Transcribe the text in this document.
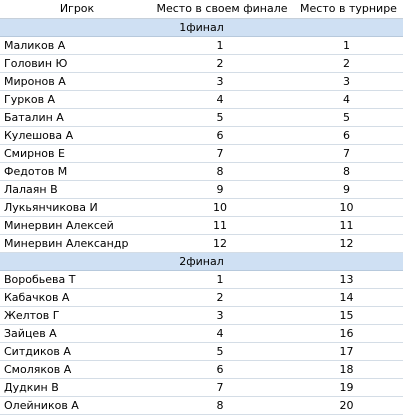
Игрок	Место в своем финале	Место в турнире
1финал		
Маликов А	1	1
Головин Ю	2	2
Миронов А	3	3
Гурков А	4	4
Баталин А	5	5
Кулешова А	6	6
Смирнов Е	7	7
Федотов М	8	8
Лалаян В	9	9
Лукьянчикова И	10	10
Минервин Алексей	11	11
Минервин Александр	12	12
2финал		
Воробьева Т	1	13
Кабачков А	2	14
Желтов Г	3	15
Зайцев А	4	16
Ситдиков А	5	17
Смоляков А	6	18
Дудкин В	7	19
Олейников А	8	20
